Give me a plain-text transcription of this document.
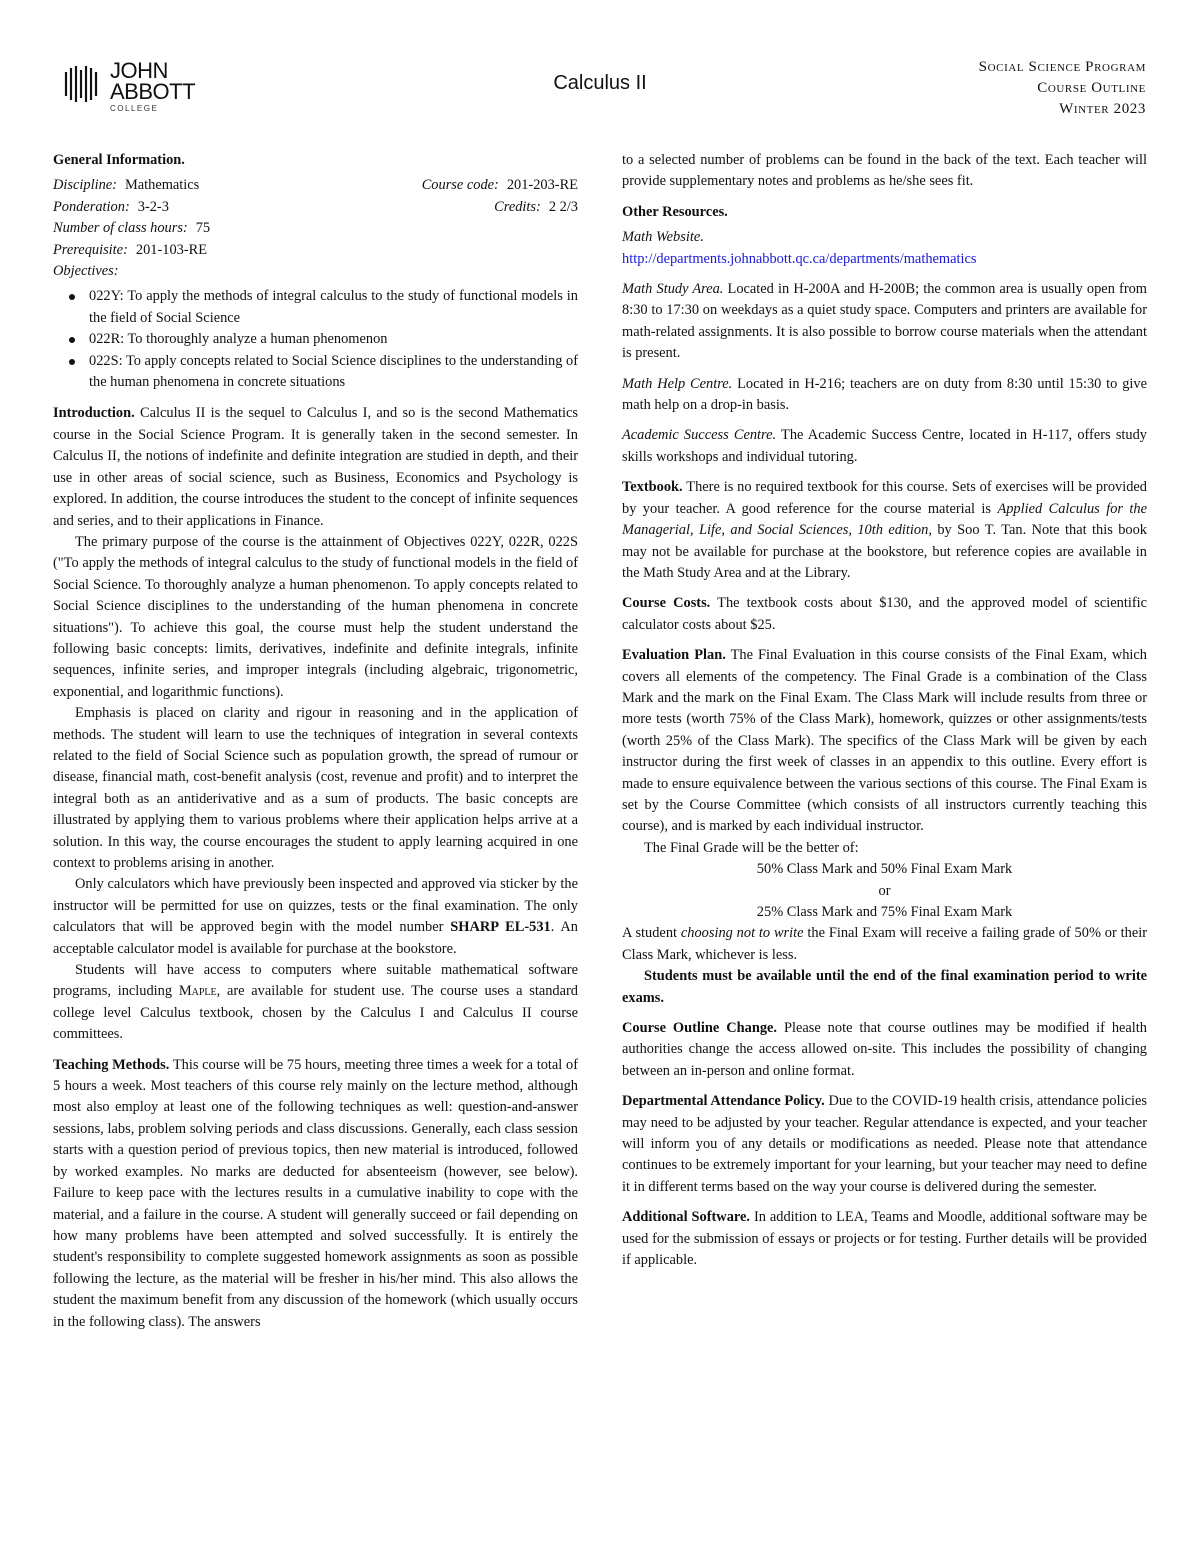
JOHN
ABBOTT
COLLEGE
Calculus II
Social Science Program
Course Outline
Winter 2023

General Information.

Discipline: Mathematics	Course code: 201-203-RE
Ponderation: 3-2-3	Credits: 2 2/3
Number of class hours: 75
Prerequisite: 201-103-RE
Objectives:
022Y: To apply the methods of integral calculus to the study of functional models in the field of Social Science
022R: To thoroughly analyze a human phenomenon
022S: To apply concepts related to Social Science disciplines to the understanding of the human phenomena in concrete situations

Introduction. Calculus II is the sequel to Calculus I, and so is the second Mathematics course in the Social Science Program. It is generally taken in the second semester. In Calculus II, the notions of indefinite and definite integration are studied in depth, and their use in other areas of social science, such as Business, Economics and Psychology is explored. In addition, the course introduces the student to the concept of infinite sequences and series, and to their applications in Finance.

The primary purpose of the course is the attainment of Objectives 022Y, 022R, 022S ("To apply the methods of integral calculus to the study of functional models in the field of Social Science. To thoroughly analyze a human phenomenon. To apply concepts related to Social Science disciplines to the understanding of the human phenomena in concrete situations"). To achieve this goal, the course must help the student understand the following basic concepts: limits, derivatives, indefinite and definite integrals, infinite sequences, infinite series, and improper integrals (including algebraic, trigonometric, exponential, and logarithmic functions).

Emphasis is placed on clarity and rigour in reasoning and in the application of methods. The student will learn to use the techniques of integration in several contexts related to the field of Social Science such as population growth, the spread of rumour or disease, financial math, cost-benefit analysis (cost, revenue and profit) and to interpret the integral both as an antiderivative and as a sum of products. The basic concepts are illustrated by applying them to various problems where their application helps arrive at a solution. In this way, the course encourages the student to apply learning acquired in one context to problems arising in another.

Only calculators which have previously been inspected and approved via sticker by the instructor will be permitted for use on quizzes, tests or the final examination. The only calculators that will be approved begin with the model number SHARP EL-531. An acceptable calculator model is available for purchase at the bookstore.

Students will have access to computers where suitable mathematical software programs, including Maple, are available for student use. The course uses a standard college level Calculus textbook, chosen by the Calculus I and Calculus II course committees.

Teaching Methods. This course will be 75 hours, meeting three times a week for a total of 5 hours a week. Most teachers of this course rely mainly on the lecture method, although most also employ at least one of the following techniques as well: question-and-answer sessions, labs, problem solving periods and class discussions. Generally, each class session starts with a question period of previous topics, then new material is introduced, followed by worked examples. No marks are deducted for absenteeism (however, see below). Failure to keep pace with the lectures results in a cumulative inability to cope with the material, and a failure in the course. A student will generally succeed or fail depending on how many problems have been attempted and solved successfully. It is entirely the student's responsibility to complete suggested homework assignments as soon as possible following the lecture, as the material will be fresher in his/her mind. This also allows the student the maximum benefit from any discussion of the homework (which usually occurs in the following class). The answers

to a selected number of problems can be found in the back of the text. Each teacher will provide supplementary notes and problems as he/she sees fit.

Other Resources.

Math Website.
http://departments.johnabbott.qc.ca/departments/mathematics

Math Study Area. Located in H-200A and H-200B; the common area is usually open from 8:30 to 17:30 on weekdays as a quiet study space. Computers and printers are available for math-related assignments. It is also possible to borrow course materials when the attendant is present.

Math Help Centre. Located in H-216; teachers are on duty from 8:30 until 15:30 to give math help on a drop-in basis.

Academic Success Centre. The Academic Success Centre, located in H-117, offers study skills workshops and individual tutoring.

Textbook. There is no required textbook for this course. Sets of exercises will be provided by your teacher. A good reference for the course material is Applied Calculus for the Managerial, Life, and Social Sciences, 10th edition, by Soo T. Tan. Note that this book may not be available for purchase at the bookstore, but reference copies are available in the Math Study Area and at the Library.

Course Costs. The textbook costs about $130, and the approved model of scientific calculator costs about $25.

Evaluation Plan. The Final Evaluation in this course consists of the Final Exam, which covers all elements of the competency. The Final Grade is a combination of the Class Mark and the mark on the Final Exam. The Class Mark will include results from three or more tests (worth 75% of the Class Mark), homework, quizzes or other assignments/tests (worth 25% of the Class Mark). The specifics of the Class Mark will be given by each instructor during the first week of classes in an appendix to this outline. Every effort is made to ensure equivalence between the various sections of this course. The Final Exam is set by the Course Committee (which consists of all instructors currently teaching this course), and is marked by each individual instructor.

The Final Grade will be the better of:

50% Class Mark and 50% Final Exam Mark

or

25% Class Mark and 75% Final Exam Mark

A student choosing not to write the Final Exam will receive a failing grade of 50% or their Class Mark, whichever is less.

Students must be available until the end of the final examination period to write exams.

Course Outline Change. Please note that course outlines may be modified if health authorities change the access allowed on-site. This includes the possibility of changing between an in-person and online format.

Departmental Attendance Policy. Due to the COVID-19 health crisis, attendance policies may need to be adjusted by your teacher. Regular attendance is expected, and your teacher will inform you of any details or modifications as needed. Please note that attendance continues to be extremely important for your learning, but your teacher may need to define it in different terms based on the way your course is delivered during the semester.

Additional Software. In addition to LEA, Teams and Moodle, additional software may be used for the submission of essays or projects or for testing. Further details will be provided if applicable.
